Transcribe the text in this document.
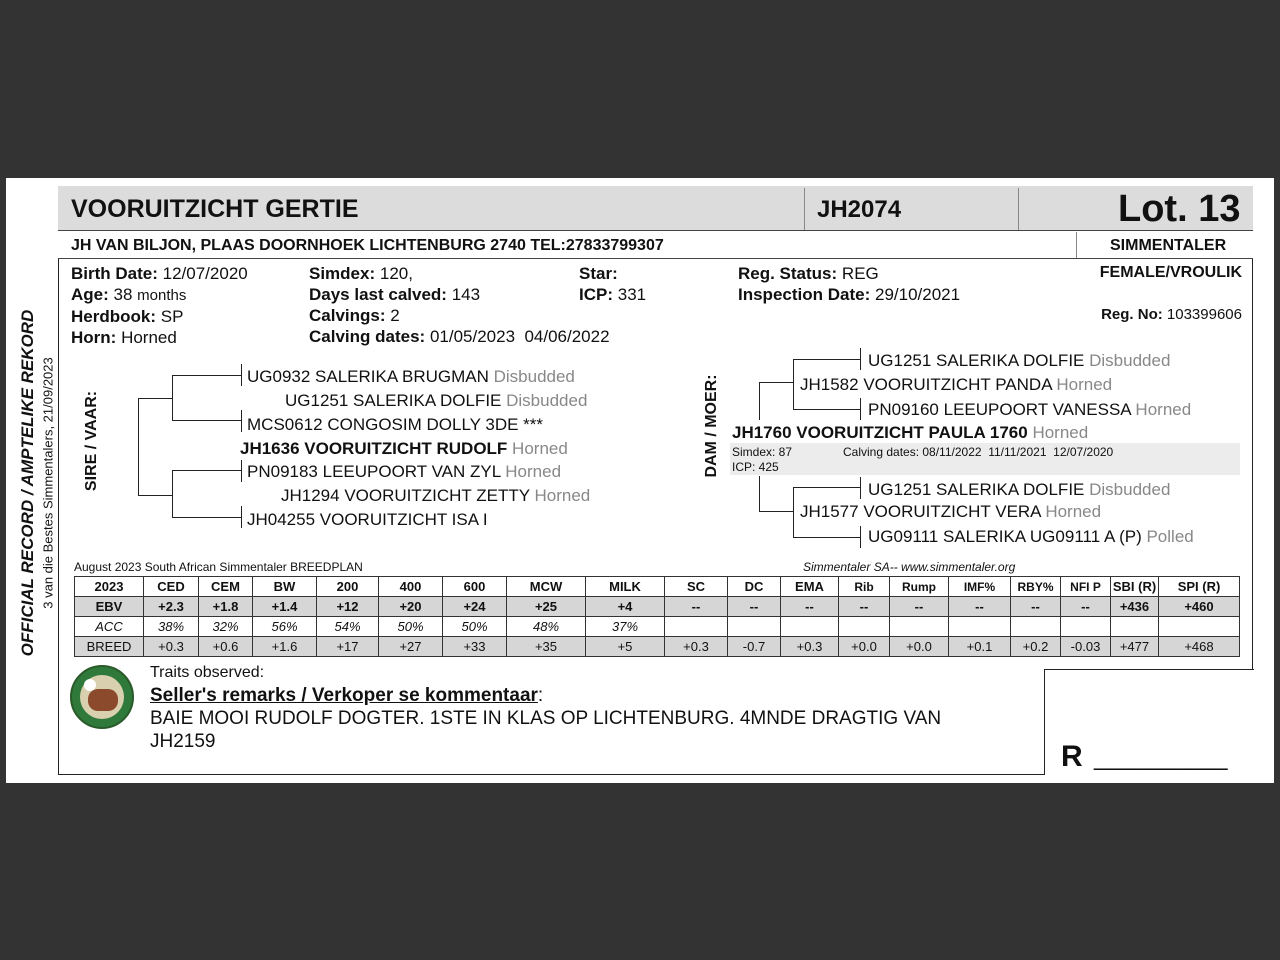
VOORUITZICHT GERTIE	JH2074	Lot. 13
JH VAN BILJON, PLAAS DOORNHOEK LICHTENBURG 2740 TEL:27833799307	SIMMENTALER
Birth Date: 12/07/2020
Age: 38 months
Herdbook: SP
Horn: Horned
Simdex: 120,
Days last calved: 143
Calvings: 2
Calving dates: 01/05/2023  04/06/2022
Star:
ICP: 331
Reg. Status: REG
Inspection Date: 29/10/2021
FEMALE/VROULIK
Reg. No: 103399606
OFFICIAL RECORD / AMPTELIKE REKORD 3 van die Bestes Simmentalers, 21/09/2023 SIRE / VAAR:
UG0932 SALERIKA BRUGMAN Disbudded
UG1251 SALERIKA DOLFIE Disbudded
MCS0612 CONGOSIM DOLLY 3DE ***
JH1636 VOORUITZICHT RUDOLF Horned
PN09183 LEEUPOORT VAN ZYL Horned
JH1294 VOORUITZICHT ZETTY Horned
JH04255 VOORUITZICHT ISA I
DAM / MOER:
UG1251 SALERIKA DOLFIE Disbudded
JH1582 VOORUITZICHT PANDA Horned
PN09160 LEEUPOORT VANESSA Horned
JH1760 VOORUITZICHT PAULA 1760 Horned
Simdex: 87	Calving dates: 08/11/2022  11/11/2021  12/07/2020
ICP: 425
UG1251 SALERIKA DOLFIE Disbudded
JH1577 VOORUITZICHT VERA Horned
UG09111 SALERIKA UG09111 A (P) Polled
August 2023 South African Simmentaler BREEDPLAN	Simmentaler SA-- www.simmentaler.org
2023	CED	CEM	BW	200	400	600	MCW	MILK	SC	DC	EMA	Rib	Rump	IMF%	RBY%	NFI P	SBI (R)	SPI (R)
EBV	+2.3	+1.8	+1.4	+12	+20	+24	+25	+4	--	--	--	--	--	--	--	--	+436	+460
ACC	38%	32%	56%	54%	50%	50%	48%	37%										
BREED	+0.3	+0.6	+1.6	+17	+27	+33	+35	+5	+0.3	-0.7	+0.3	+0.0	+0.0	+0.1	+0.2	-0.03	+477	+468
Traits observed:
Seller's remarks / Verkoper se kommentaar:
BAIE MOOI RUDOLF DOGTER. 1STE IN KLAS OP LICHTENBURG. 4MNDE DRAGTIG VAN
JH2159	R __________
